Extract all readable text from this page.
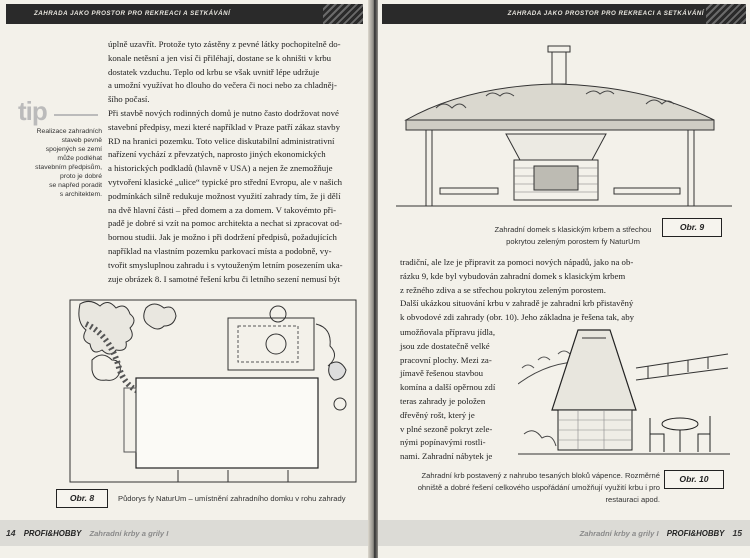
ZAHRADA JAKO PROSTOR PRO REKREACI A SETKÁVÁNÍ
tip
Realizace zahradních
staveb pevně
spojených se zemí
může podléhat
stavebním předpisům,
proto je dobré
se napřed poradit
s architektem.
úplně uzavřít. Protože tyto zástěny z pevné látky pochopitelně do-
konale netěsní a jen visí či přiléhají, dostane se k ohništi v krbu
dostatek vzduchu. Teplo od krbu se však uvnitř lépe udržuje
a umožní využívat ho dlouho do večera či noci nebo za chladněj-
šího počasí.
Při stavbě nových rodinných domů je nutno často dodržovat nové
stavební předpisy, mezi které například v Praze patří zákaz stavby
RD na hranici pozemku. Toto velice diskutabilní administrativní
nařízení vychází z převzatých, naprosto jiných ekonomických
a historických podkladů (hlavně v USA) a nejen že znemožňuje
vytvoření klasické „ulice“ typické pro střední Evropu, ale v našich
podmínkách silně redukuje možnost využití zahrady tím, že ji dělí
na dvě hlavní části – před domem a za domem. V takovémto při-
padě je dobré si vzít na pomoc architekta a nechat si zpracovat od-
bornou studii. Jak je možno i při dodržení předpisů, požadujících
například na vlastním pozemku parkovací místa a podobně, vy-
tvořit smysluplnou zahradu i s vytouženým letním posezením uka-
zuje obrázek 8. I samotné řešení krbu či letního sezení nemusí být
Obr. 8	Půdorys fy NaturUm – umístnění zahradního domku v rohu zahrady
14 PROFI&HOBBY Zahradní krby a grily I
ZAHRADA JAKO PROSTOR PRO REKREACI A SETKÁVÁNÍ
Zahradní domek s klasickým krbem a střechou
pokrytou zeleným porostem fy NaturUm
Obr. 9
tradiční, ale lze je připravit za pomoci nových nápadů, jako na ob-
rázku 9, kde byl vybudován zahradní domek s klasickým krbem
z režného zdiva a se střechou pokrytou zeleným porostem.
Další ukázkou situování krbu v zahradě je zahradní krb přistavěný
k obvodové zdi zahrady (obr. 10). Jeho základna je řešena tak, aby
umožňovala přípravu jídla,
jsou zde dostatečně velké
pracovní plochy. Mezi za-
jímavě řešenou stavbou
komína a další opěrnou zdí
teras zahrady je položen
dřevěný rošt, který je
v plné sezoně pokryt zele-
nými popínavými rostli-
nami. Zahradní nábytek je
Zahradní krb postavený z nahrubo tesaných bloků vápence. Rozměrné
ohniště a dobré řešení celkového uspořádání umožňují využití krbu i pro
restauraci apod.
Obr. 10
Zahradní krby a grily I PROFI&HOBBY 15
